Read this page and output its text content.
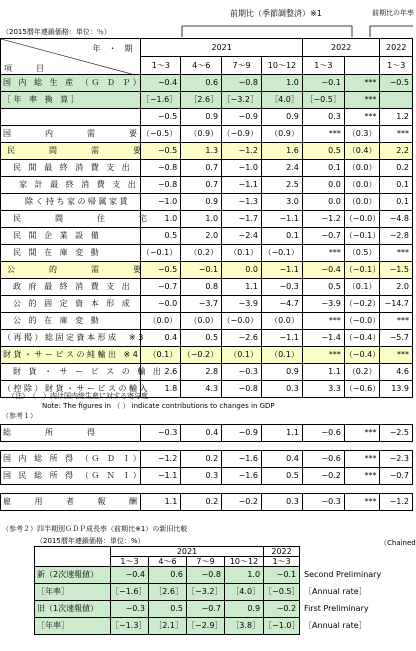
前期比（季節調整済）※1	前期比の年率
（2015暦年連鎖価格：単位：％）
年　・　期
項　　　目	2021				2022		2022
	1〜3	4〜6	7〜9	10〜12	1〜3		1〜3
国 内 総 生 産 （Ｇ Ｄ Ｐ）	−0.4	0.6	−0.8	1.0	−0.1	***	−0.5
［年 率 換 算］	［−1.6］	［2.6］	［−3.2］	［4.0］	［−0.5］	***	
	−0.5	0.9	−0.9	0.9	0.3	***	1.2
国　　　内　　　需　　　要	（−0.5）	（0.9）	（−0.9）	（0.9）	***	（0.3）	***
民　　　間　　　需　　　要	−0.5	1.3	−1.2	1.6	0.5	（0.4）	2.2
民 間 最 終 消 費 支 出	−0.8	0.7	−1.0	2.4	0.1	（0.0）	0.2
家 計 最 終 消 費 支 出	−0.8	0.7	−1.1	2.5	0.0	（0.0）	0.1
除く持ち家の帰属家賃	−1.0	0.9	−1.3	3.0	0.0	（0.0）	0.1
民　　　間　　　住　　　宅	1.0	1.0	−1.7	−1.1	−1.2	（−0.0）	−4.8
民 間 企 業 設 備	0.5	2.0	−2.4	0.1	−0.7	（−0.1）	−2.8
民 間 在 庫 変 動	（−0.1）	（0.2）	（0.1）	（−0.1）	***	（0.5）	***
公　　　的　　　需　　　要	−0.5	−0.1	0.0	−1.1	−0.4	（−0.1）	−1.5
政 府 最 終 消 費 支 出	−0.7	0.8	1.1	−0.3	0.5	（0.1）	2.0
公 的 固 定 資 本 形 成	−0.0	−3.7	−3.9	−4.7	−3.9	（−0.2）	−14.7
公 的 在 庫 変 動	（0.0）	（0.0）	（−0.0）	（0.0）	***	（−0.0）	***
（再掲）総固定資本形成　※3	0.4	0.5	−2.6	−1.1	−1.4	（−0.4）	−5.7
財貨・サービスの純輸出 ※4	（0.1）	（−0.2）	（0.1）	（0.1）	***	（−0.4）	***
財 貨 ・ サ ー ビ ス の 輸 出	2.6	2.8	−0.3	0.9	1.1	（0.2）	4.6
（控除）財貨・サービスの輸入	1.8	4.3	−0.8	0.3	3.3	（−0.6）	13.9
（注）　（　）内は国内総生産に対する寄与度
Note: The figures in （ ） indicate contributions to changes in GDP
（参考１）
総　　　所　　　得	−0.3	0.4	−0.9	1.1	−0.6	***	−2.5

国 内 総 所 得 （Ｇ Ｄ Ｉ）	−1.2	0.2	−1.6	0.4	−0.6	***	−2.3
国 民 総 所 得 （Ｇ Ｎ Ｉ）	−1.1	0.3	−1.6	0.5	−0.2	***	−0.7

雇　　用　　者　　報　　酬	1.1	0.2	−0.2	0.3	−0.3	***	−1.2
（参考２）四半期別ＧＤＰ成長率（前期比※1）の新旧比較
（2015暦年連鎖価格：単位：%）	（Chained
	2021				2022	
	1〜3	4〜6	7〜9	10〜12	1〜3	
新（2次速報値）	−0.4	0.6	−0.8	1.0	−0.1	Second Preliminary
［年率］	［−1.6］	［2.6］	［−3.2］	［4.0］	［−0.5］	［Annual rate］
旧（1次速報値）	−0.3	0.5	−0.7	0.9	−0.2	First Preliminary
［年率］	［−1.3］	［2.1］	［−2.9］	［3.8］	［−1.0］	［Annual rate］
